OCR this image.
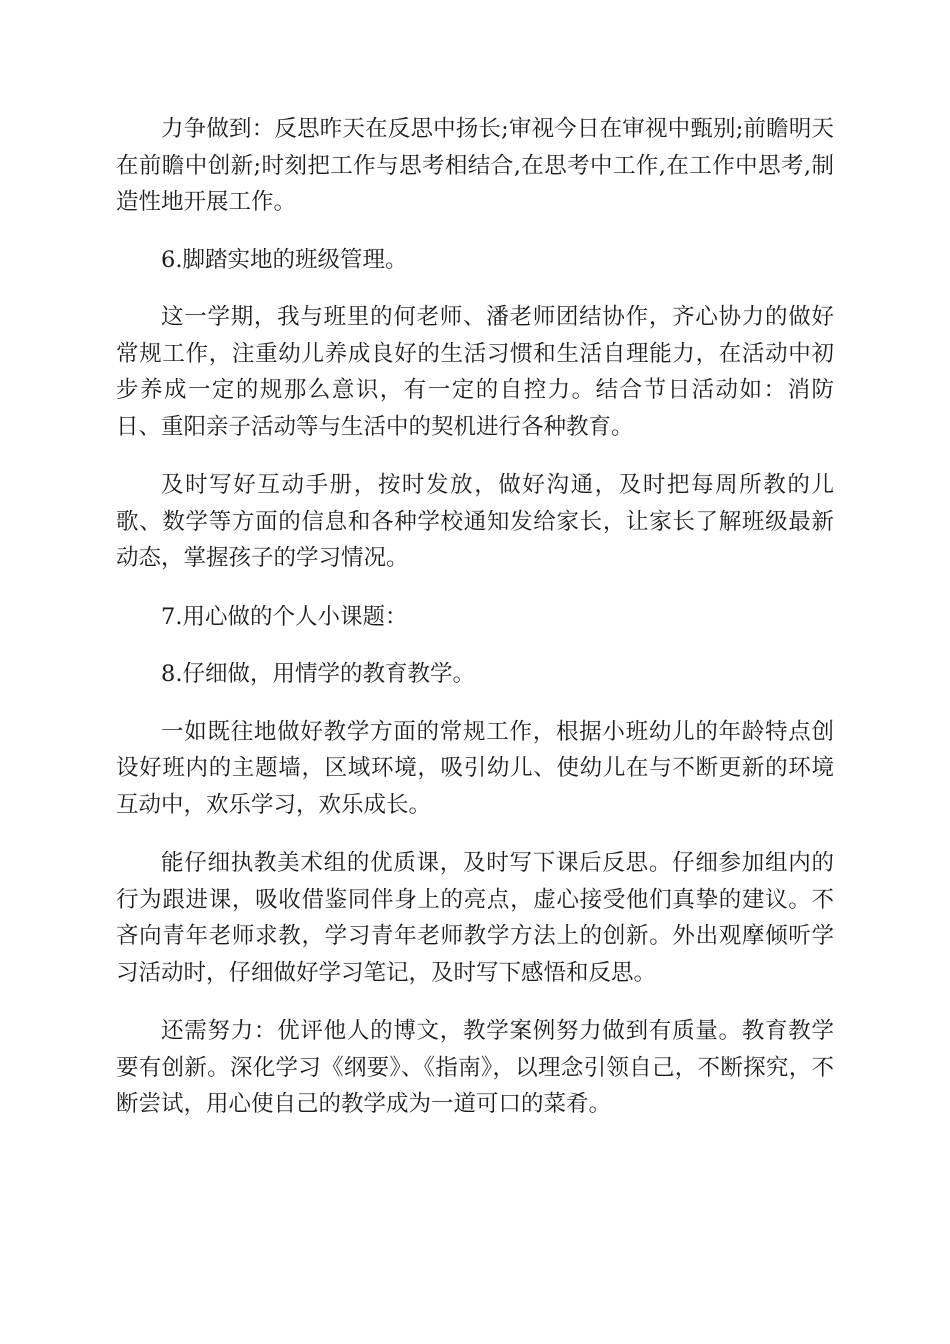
力争做到：反思昨天在反思中扬长;审视今日在审视中甄别;前瞻明天在前瞻中创新;时刻把工作与思考相结合,在思考中工作,在工作中思考,制造性地开展工作。

6.脚踏实地的班级管理。

这一学期，我与班里的何老师、潘老师团结协作，齐心协力的做好常规工作，注重幼儿养成良好的生活习惯和生活自理能力，在活动中初步养成一定的规那么意识，有一定的自控力。结合节日活动如：消防日、重阳亲子活动等与生活中的契机进行各种教育。

及时写好互动手册，按时发放，做好沟通，及时把每周所教的儿歌、数学等方面的信息和各种学校通知发给家长，让家长了解班级最新动态，掌握孩子的学习情况。

7.用心做的个人小课题：

8.仔细做，用情学的教育教学。

一如既往地做好教学方面的常规工作，根据小班幼儿的年龄特点创设好班内的主题墙，区域环境，吸引幼儿、使幼儿在与不断更新的环境互动中，欢乐学习，欢乐成长。

能仔细执教美术组的优质课，及时写下课后反思。仔细参加组内的行为跟进课，吸收借鉴同伴身上的亮点，虚心接受他们真挚的建议。不吝向青年老师求教，学习青年老师教学方法上的创新。外出观摩倾听学习活动时，仔细做好学习笔记，及时写下感悟和反思。

还需努力：优评他人的博文，教学案例努力做到有质量。教育教学要有创新。深化学习《纲要》、《指南》，以理念引领自己，不断探究，不断尝试，用心使自己的教学成为一道可口的菜肴。
